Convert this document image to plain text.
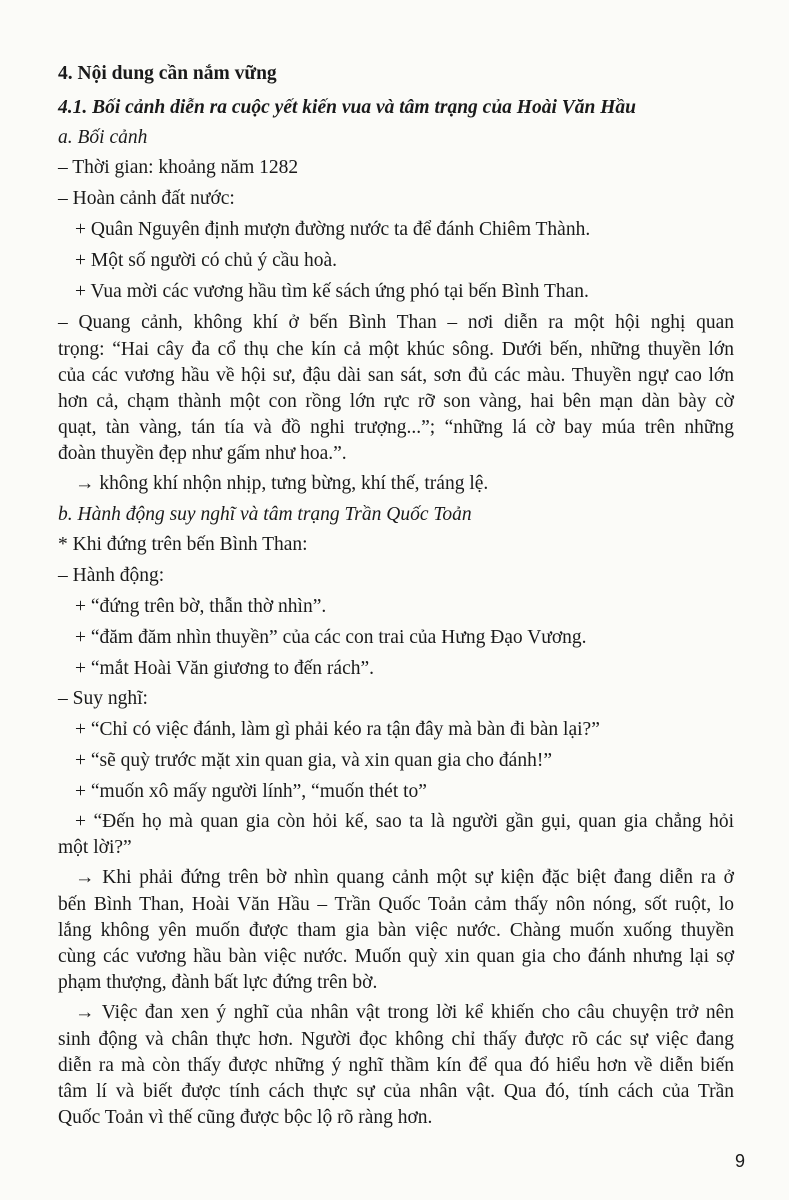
4. Nội dung cần nắm vững
4.1. Bối cảnh diễn ra cuộc yết kiến vua và tâm trạng của Hoài Văn Hầu
a. Bối cảnh
– Thời gian: khoảng năm 1282
– Hoàn cảnh đất nước:
+ Quân Nguyên định mượn đường nước ta để đánh Chiêm Thành.
+ Một số người có chủ ý cầu hoà.
+ Vua mời các vương hầu tìm kế sách ứng phó tại bến Bình Than.
– Quang cảnh, không khí ở bến Bình Than – nơi diễn ra một hội nghị quan
trọng: “Hai cây đa cổ thụ che kín cả một khúc sông. Dưới bến, những thuyền lớn
của các vương hầu về hội sư, đậu dài san sát, sơn đủ các màu. Thuyền ngự cao lớn
hơn cả, chạm thành một con rồng lớn rực rỡ son vàng, hai bên mạn dàn bày cờ
quạt, tàn vàng, tán tía và đồ nghi trượng...”; “những lá cờ bay múa trên những
đoàn thuyền đẹp như gấm như hoa.”.
→ không khí nhộn nhịp, tưng bừng, khí thế, tráng lệ.
b. Hành động suy nghĩ và tâm trạng Trần Quốc Toản
* Khi đứng trên bến Bình Than:
– Hành động:
+ “đứng trên bờ, thẫn thờ nhìn”.
+ “đăm đăm nhìn thuyền” của các con trai của Hưng Đạo Vương.
+ “mắt Hoài Văn giương to đến rách”.
– Suy nghĩ:
+ “Chỉ có việc đánh, làm gì phải kéo ra tận đây mà bàn đi bàn lại?”
+ “sẽ quỳ trước mặt xin quan gia, và xin quan gia cho đánh!”
+ “muốn xô mấy người lính”, “muốn thét to”
+ “Đến họ mà quan gia còn hỏi kế, sao ta là người gần gụi, quan gia chẳng hỏi
một lời?”
→ Khi phải đứng trên bờ nhìn quang cảnh một sự kiện đặc biệt đang diễn ra ở
bến Bình Than, Hoài Văn Hầu – Trần Quốc Toản cảm thấy nôn nóng, sốt ruột, lo
lắng không yên muốn được tham gia bàn việc nước. Chàng muốn xuống thuyền
cùng các vương hầu bàn việc nước. Muốn quỳ xin quan gia cho đánh nhưng lại sợ
phạm thượng, đành bất lực đứng trên bờ.
→ Việc đan xen ý nghĩ của nhân vật trong lời kể khiến cho câu chuyện trở nên
sinh động và chân thực hơn. Người đọc không chỉ thấy được rõ các sự việc đang
diễn ra mà còn thấy được những ý nghĩ thầm kín để qua đó hiểu hơn về diễn biến
tâm lí và biết được tính cách thực sự của nhân vật. Qua đó, tính cách của Trần
Quốc Toản vì thế cũng được bộc lộ rõ ràng hơn.
9
